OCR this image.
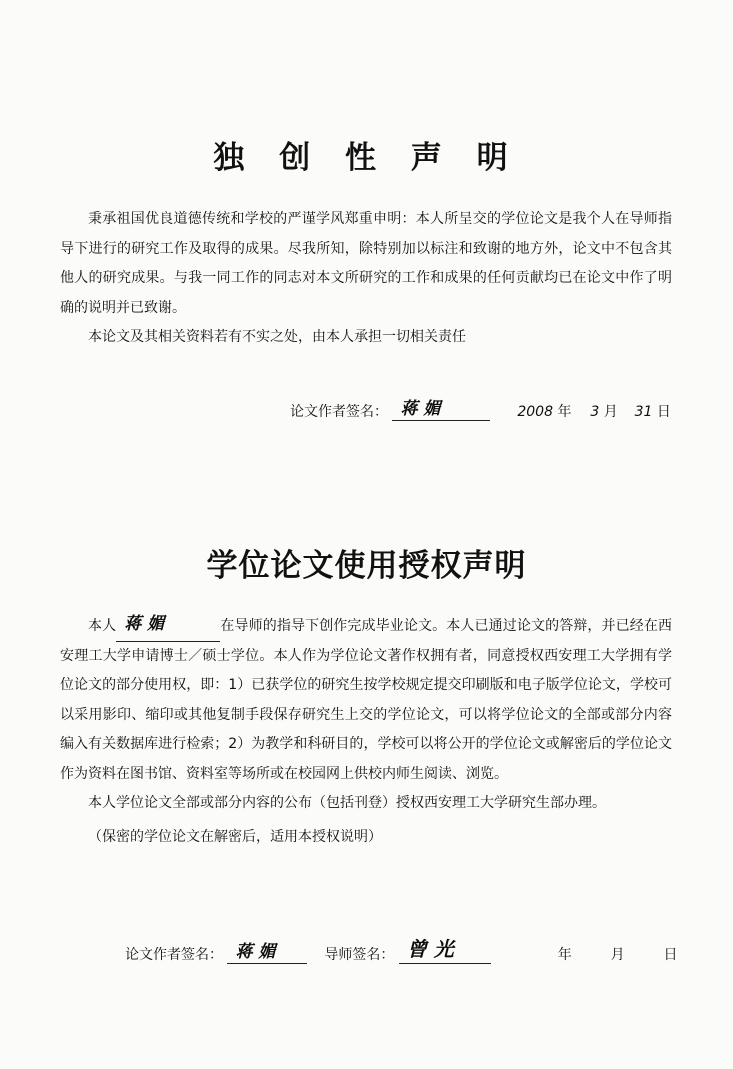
独 创 性 声 明

秉承祖国优良道德传统和学校的严谨学风郑重申明：本人所呈交的学位论文是我个人在导师指导下进行的研究工作及取得的成果。尽我所知，除特别加以标注和致谢的地方外，论文中不包含其他人的研究成果。与我一同工作的同志对本文所研究的工作和成果的任何贡献均已在论文中作了明确的说明并已致谢。

本论文及其相关资料若有不实之处，由本人承担一切相关责任

论文作者签名： 蒋 媚	2008 年 3 月 31 日
学位论文使用授权声明

本人 蒋 媚	在导师的指导下创作完成毕业论文。本人已通过论文的答辩，并已经在西安理工大学申请博士／硕士学位。本人作为学位论文著作权拥有者，同意授权西安理工大学拥有学位论文的部分使用权，即：1）已获学位的研究生按学校规定提交印刷版和电子版学位论文，学校可以采用影印、缩印或其他复制手段保存研究生上交的学位论文，可以将学位论文的全部或部分内容编入有关数据库进行检索；2）为教学和科研目的，学校可以将公开的学位论文或解密后的学位论文作为资料在图书馆、资料室等场所或在校园网上供校内师生阅读、浏览。

本人学位论文全部或部分内容的公布（包括刊登）授权西安理工大学研究生部办理。

（保密的学位论文在解密后，适用本授权说明）

论文作者签名： 蒋 媚	导师签名： 曾 光	年	月	日
